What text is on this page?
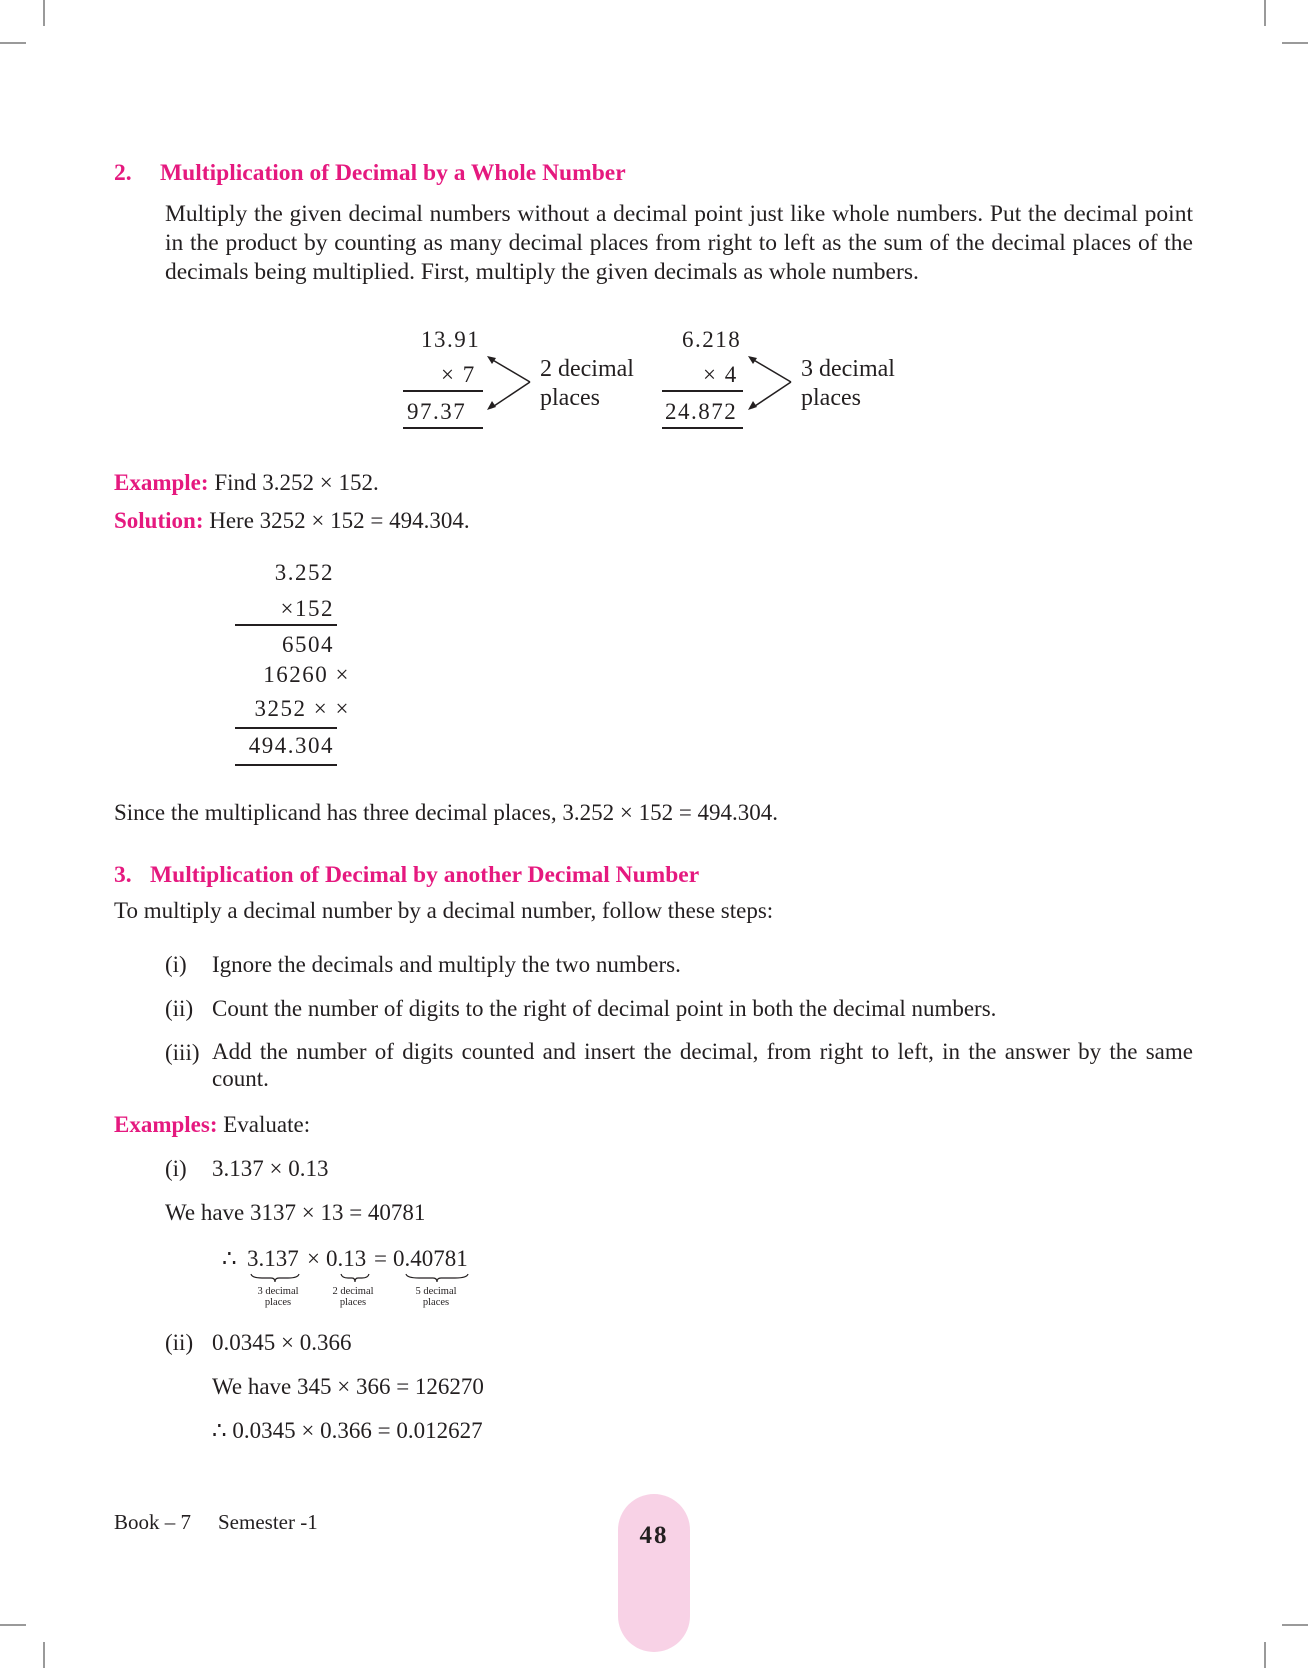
2. Multiplication of Decimal by a Whole Number
Multiply the given decimal numbers without a decimal point just like whole numbers. Put the decimal point in the product by counting as many decimal places from right to left as the sum of the decimal places of the decimals being multiplied. First, multiply the given decimals as whole numbers.
13.91
× 7
97.37
2 decimal
places
6.218
× 4
24.872
3 decimal
places
Example: Find 3.252 × 152.
Solution: Here 3252 × 152 = 494.304.
3.252
×152
6504
16260 ×
3252 × ×
494.304
Since the multiplicand has three decimal places, 3.252 × 152 = 494.304.
3. Multiplication of Decimal by another Decimal Number
To multiply a decimal number by a decimal number, follow these steps:
(i) Ignore the decimals and multiply the two numbers.
(ii) Count the number of digits to the right of decimal point in both the decimal numbers.
(iii) Add the number of digits counted and insert the decimal, from right to left, in the answer by the same count.
Examples: Evaluate:
(i) 3.137 × 0.13
We have 3137 × 13 = 40781
∴ 3.137 × 0.13 = 0.40781
3 decimal
places
2 decimal
places
5 decimal
places
(ii) 0.0345 × 0.366
We have 345 × 366 = 126270
∴ 0.0345 × 0.366 = 0.012627
Book – 7 Semester -1	48
